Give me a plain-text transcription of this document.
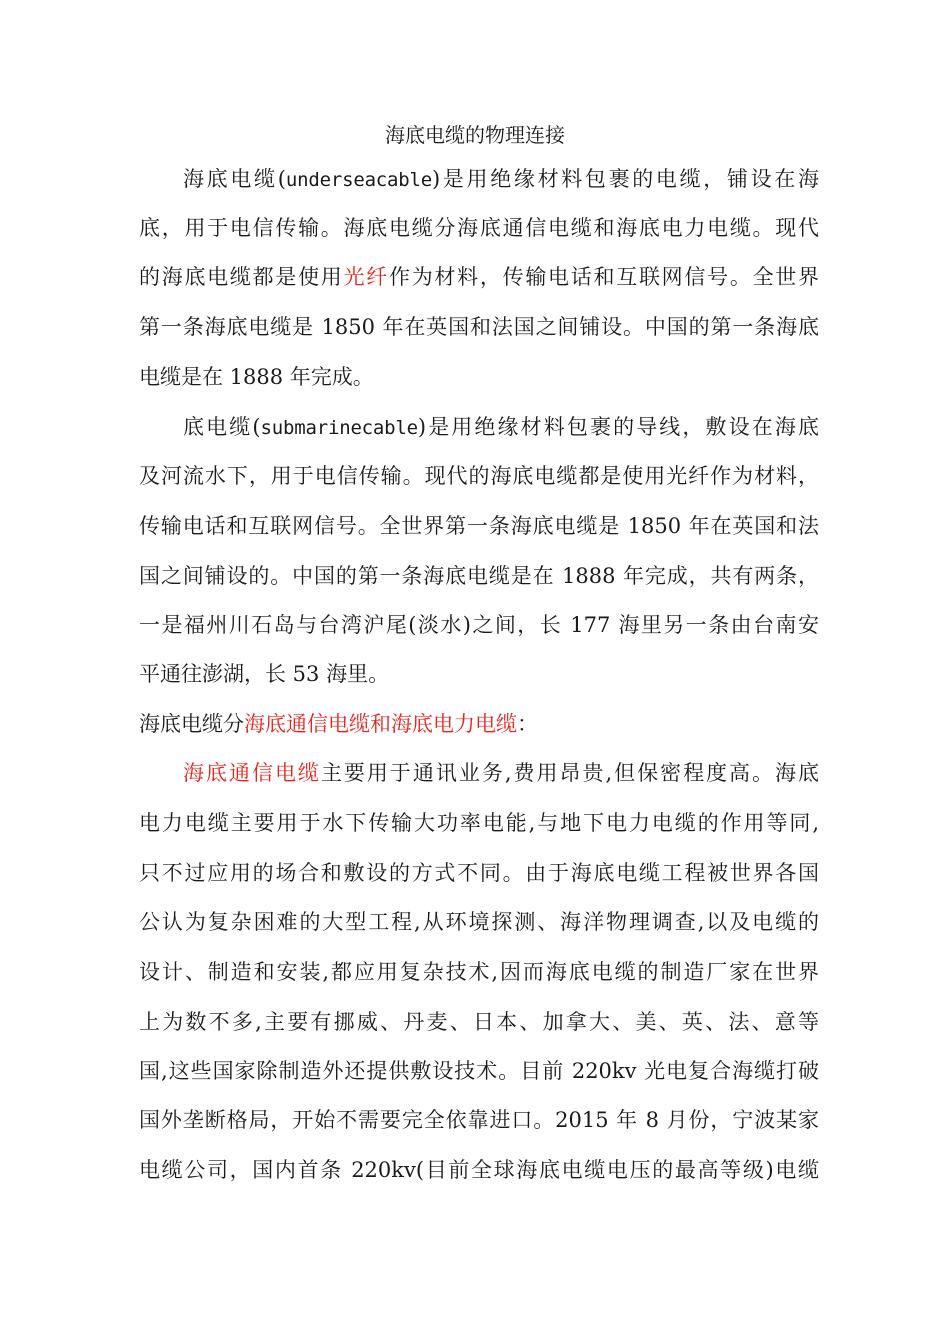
海底电缆的物理连接
海底电缆(underseacable)是用绝缘材料包裹的电缆，铺设在海
底，用于电信传输。海底电缆分海底通信电缆和海底电力电缆。现代
的海底电缆都是使用光纤作为材料，传输电话和互联网信号。全世界
第一条海底电缆是 1850 年在英国和法国之间铺设。中国的第一条海底
电缆是在 1888 年完成。
底电缆(submarinecable)是用绝缘材料包裹的导线，敷设在海底
及河流水下，用于电信传输。现代的海底电缆都是使用光纤作为材料，
传输电话和互联网信号。全世界第一条海底电缆是 1850 年在英国和法
国之间铺设的。中国的第一条海底电缆是在 1888 年完成，共有两条，
一是福州川石岛与台湾沪尾(淡水)之间，长 177 海里另一条由台南安
平通往澎湖，长 53 海里。
海底电缆分海底通信电缆和海底电力电缆：
海底通信电缆主要用于通讯业务,费用昂贵,但保密程度高。海底
电力电缆主要用于水下传输大功率电能,与地下电力电缆的作用等同,
只不过应用的场合和敷设的方式不同。由于海底电缆工程被世界各国
公认为复杂困难的大型工程,从环境探测、海洋物理调查,以及电缆的
设计、制造和安装,都应用复杂技术,因而海底电缆的制造厂家在世界
上为数不多,主要有挪威、丹麦、日本、加拿大、美、英、法、意等
国,这些国家除制造外还提供敷设技术。目前 220kv 光电复合海缆打破
国外垄断格局，开始不需要完全依靠进口。2015 年 8 月份，宁波某家
电缆公司，国内首条 220kv(目前全球海底电缆电压的最高等级)电缆
